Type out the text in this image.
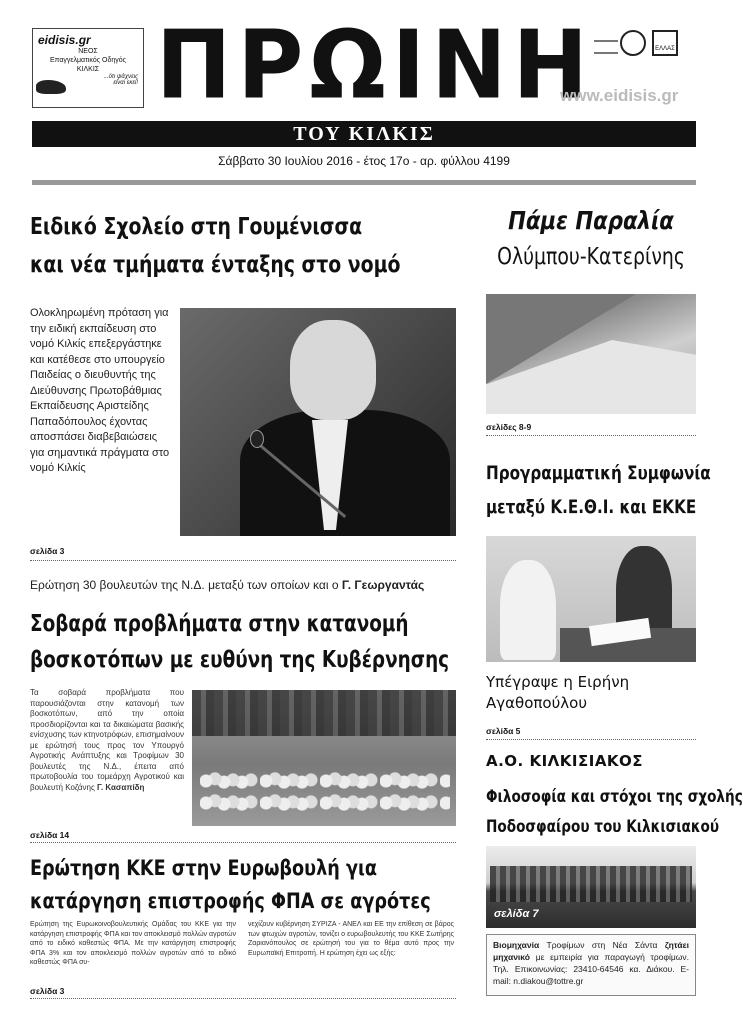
eidisis.gr
ΝΕΟΣ
Επαγγελματικός Οδηγός
ΚΙΛΚΙΣ
...ότι ψάχνεις
είναι εκεί! ΠΡΩΙΝΗ	ΕΛΛΑΣ
www.eidisis.gr
ΤΟΥ ΚΙΛΚΙΣ
Σάββατο 30 Ιουλίου 2016 - έτος 17ο - αρ. φύλλου 4199
Ειδικό Σχολείο στη Γουμένισσα
και νέα τμήματα ένταξης στο νομό
Ολοκληρωμένη πρόταση για την ειδική εκπαίδευση στο νομό Κιλκίς επεξεργάστηκε και κατέθεσε στο υπουργείο Παιδείας ο διευθυντής της Διεύθυνσης Πρωτοβάθμιας Εκπαίδευσης Αριστείδης Παπαδόπουλος έχοντας αποσπάσει διαβεβαιώσεις για σημαντικά πράγματα στο νομό Κιλκίς
σελίδα 3
Ερώτηση 30 βουλευτών της Ν.Δ. μεταξύ των οποίων και ο Γ. Γεωργαντάς
Σοβαρά προβλήματα στην κατανομή
βοσκοτόπων με ευθύνη της Κυβέρνησης
Τα σοβαρά προβλήματα που παρουσιάζονται στην κατανομή των βοσκοτόπων, από την οποία προσδιορίζονται και τα δικαιώματα βασικής ενίσχυσης των κτηνοτρόφων, επισημαίνουν με ερώτησή τους προς τον Υπουργό Αγροτικής Ανάπτυξης και Τροφίμων 30 βουλευτές της Ν.Δ., έπειτα από πρωτοβουλία του τομεάρχη Αγροτικού και βουλευτή Κοζάνης Γ. Κασαπίδη
σελίδα 14
Ερώτηση ΚΚΕ στην Ευρωβουλή για
κατάργηση επιστροφής ΦΠΑ σε αγρότες
Ερώτηση της Ευρωκοινοβουλευτικής Ομάδας του ΚΚΕ για την κατάργηση επιστροφής ΦΠΑ και τον αποκλεισμό πολλών αγροτών από το ειδικό καθεστώς ΦΠΑ. Με την κατάργηση επιστροφής ΦΠΑ 3% και τον αποκλεισμό πολλών αγροτών από το ειδικό καθεστώς ΦΠΑ συ-
νεχίζουν κυβέρνηση ΣΥΡΙΖΑ - ΑΝΕΛ και ΕΕ την επίθεση σε βάρος των φτωχών αγροτών, τονίζει ο ευρωβουλευτής του ΚΚΕ Σωτήρης Ζαριανόπουλος σε ερώτησή του για το θέμα αυτό προς την Ευρωπαϊκή Επιτροπή. Η ερώτηση έχει ως εξής:
σελίδα 3
Πάμε Παραλία
Ολύμπου-Κατερίνης
σελίδες 8-9
Προγραμματική Συμφωνία
μεταξύ Κ.Ε.Θ.Ι. και ΕΚΚΕ
Υπέγραψε η Ειρήνη Αγαθοπούλου
σελίδα 5
Α.Ο. ΚΙΛΚΙΣΙΑΚΟΣ
Φιλοσοφία και στόχοι της σχολής
Ποδοσφαίρου του Κιλκισιακού
σελίδα 7
Βιομηχανία Τροφίμων στη Νέα Σάντα ζητάει μηχανικό με εμπειρία για παραγωγή τροφίμων. Τηλ. Επικοινωνίας: 23410-64546 κα. Διάκου. E-mail: n.diakou@tottre.gr
